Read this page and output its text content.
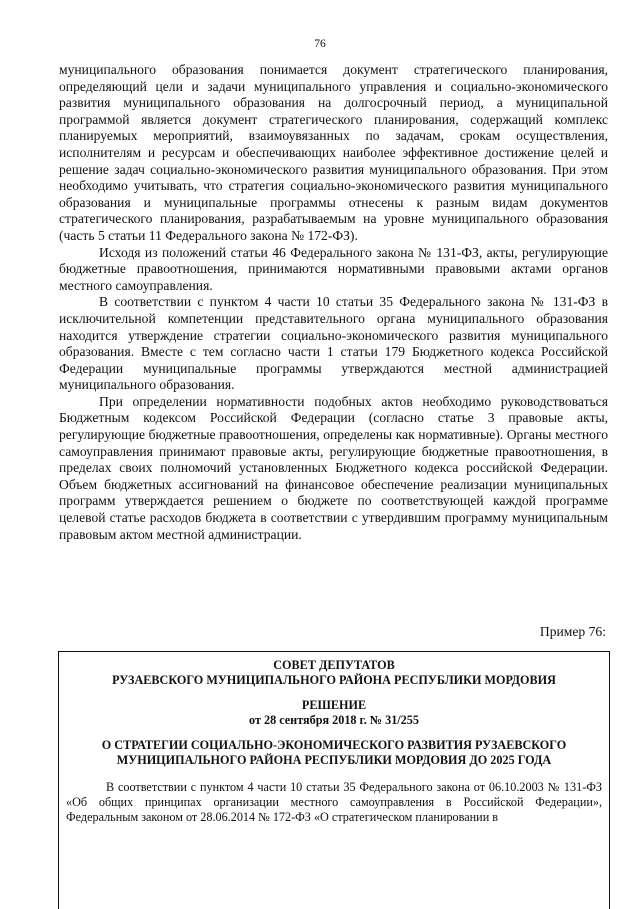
76

муниципального образования понимается документ стратегического планирования, определяющий цели и задачи муниципального управления и социально-экономического развития муниципального образования на долгосрочный период, а муниципальной программой является документ стратегического планирования, содержащий комплекс планируемых мероприятий, взаимоувязанных по задачам, срокам осуществления, исполнителям и ресурсам и обеспечивающих наиболее эффективное достижение целей и решение задач социально-экономического развития муниципального образования. При этом необходимо учитывать, что стратегия социально-экономического развития муниципального образования и муниципальные программы отнесены к разным видам документов стратегического планирования, разрабатываемым на уровне муниципального образования (часть 5 статьи 11 Федерального закона № 172-ФЗ).

Исходя из положений статьи 46 Федерального закона № 131-ФЗ, акты, регулирующие бюджетные правоотношения, принимаются нормативными правовыми актами органов местного самоуправления.

В соответствии с пунктом 4 части 10 статьи 35 Федерального закона № 131-ФЗ в исключительной компетенции представительного органа муниципального образования находится утверждение стратегии социально-экономического развития муниципального образования. Вместе с тем согласно части 1 статьи 179 Бюджетного кодекса Российской Федерации муниципальные программы утверждаются местной администрацией муниципального образования.

При определении нормативности подобных актов необходимо руководствоваться Бюджетным кодексом Российской Федерации (согласно статье 3 правовые акты, регулирующие бюджетные правоотношения, определены как нормативные). Органы местного самоуправления принимают правовые акты, регулирующие бюджетные правоотношения, в пределах своих полномочий установленных Бюджетного кодекса российской Федерации. Объем бюджетных ассигнований на финансовое обеспечение реализации муниципальных программ утверждается решением о бюджете по соответствующей каждой программе целевой статье расходов бюджета в соответствии с утвердившим программу муниципальным правовым актом местной администрации.

Пример 76:

СОВЕТ ДЕПУТАТОВ

РУЗАЕВСКОГО МУНИЦИПАЛЬНОГО РАЙОНА РЕСПУБЛИКИ МОРДОВИЯ

РЕШЕНИЕ

от 28 сентября 2018 г. № 31/255

О СТРАТЕГИИ СОЦИАЛЬНО-ЭКОНОМИЧЕСКОГО РАЗВИТИЯ РУЗАЕВСКОГО

МУНИЦИПАЛЬНОГО РАЙОНА РЕСПУБЛИКИ МОРДОВИЯ ДО 2025 ГОДА

В соответствии с пунктом 4 части 10 статьи 35 Федерального закона от 06.10.2003 № 131-ФЗ «Об общих принципах организации местного самоуправления в Российской Федерации», Федеральным законом от 28.06.2014 № 172-ФЗ «О стратегическом планировании в
